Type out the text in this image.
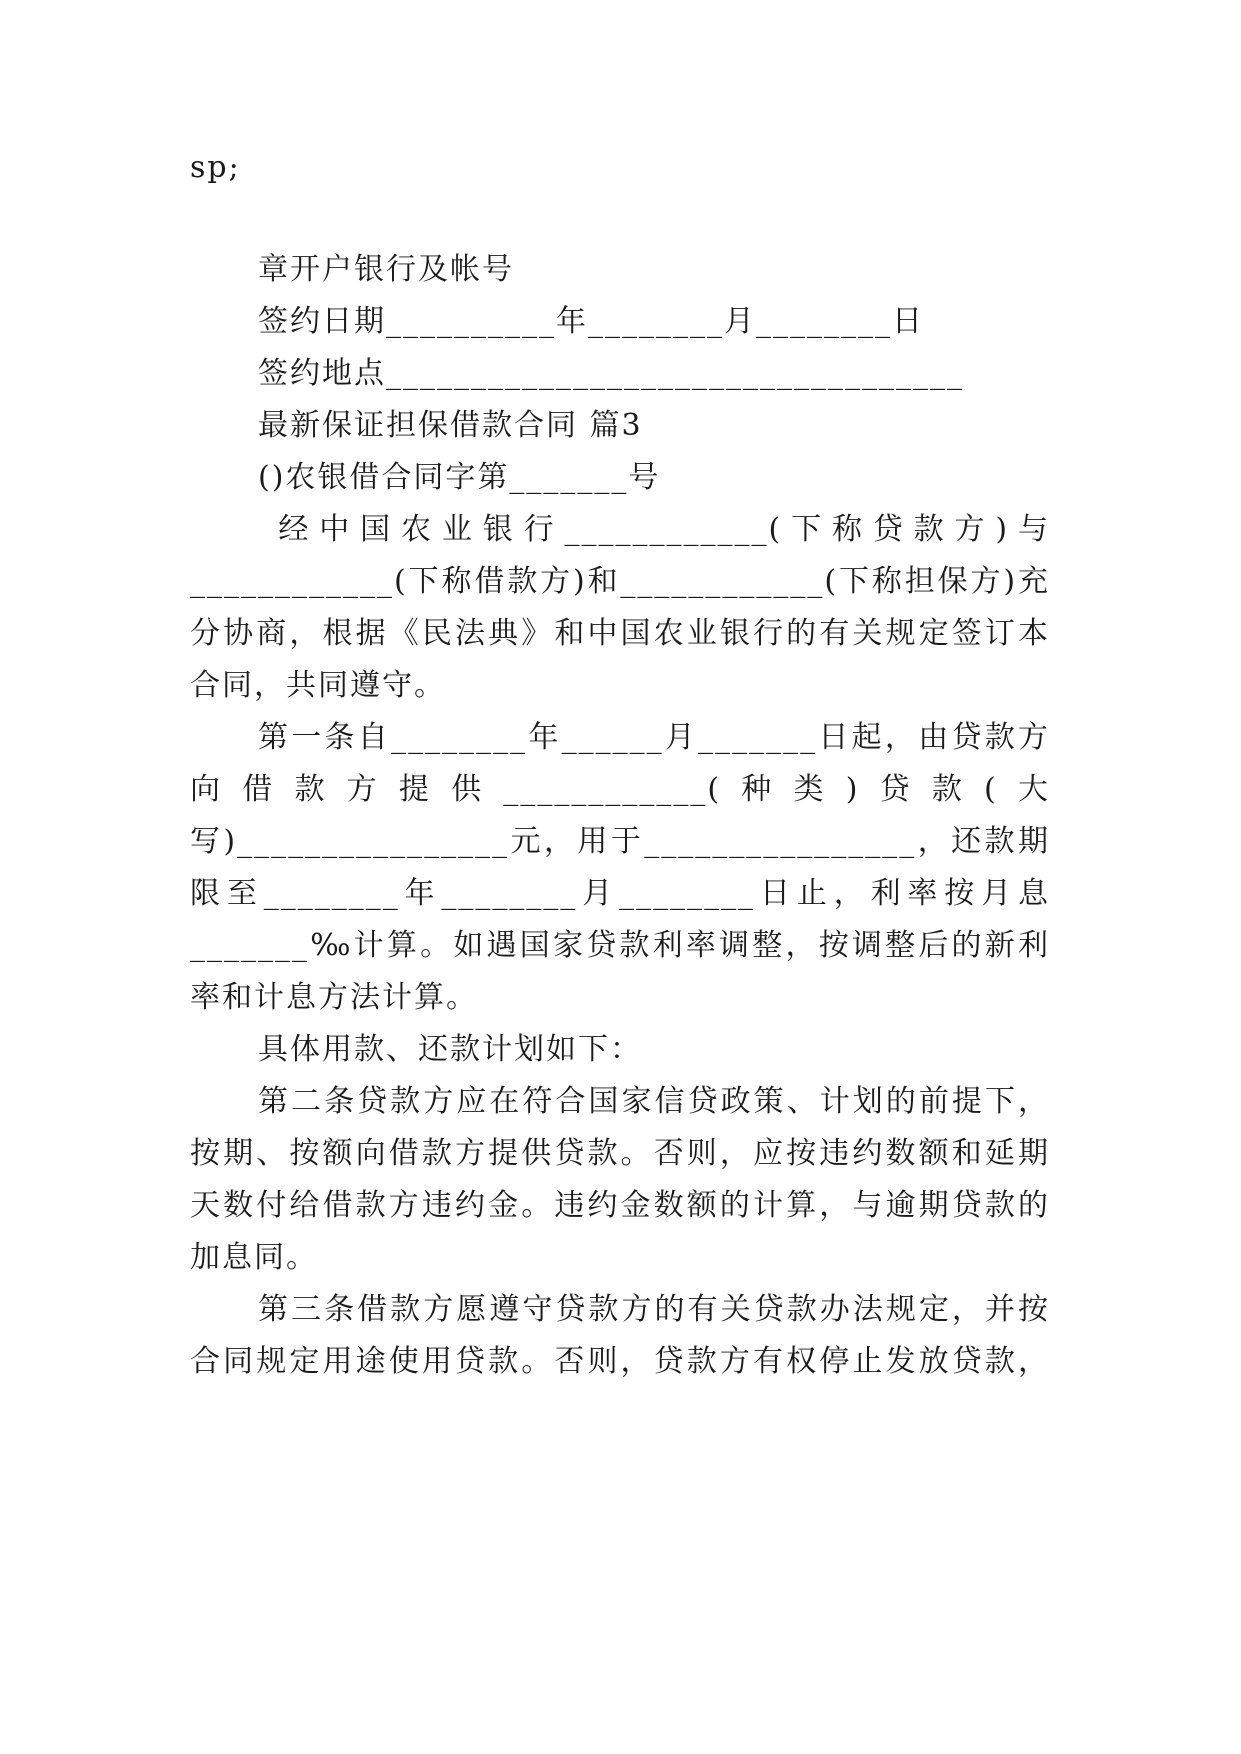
sp;
章开户银行及帐号
签约日期__________年________月________日
签约地点__________________________________
最新保证担保借款合同 篇3
()农银借合同字第_______号
经中国农业银行____________(下称贷款方)与
____________(下称借款方)和____________(下称担保方)充
分协商，根据《民法典》和中国农业银行的有关规定签订本
合同，共同遵守。
第一条自________年______月_______日起，由贷款方
向借款方提供____________(种类)贷款(大
写)________________元，用于________________，还款期
限至________年________月________日止，利率按月息
_______‰计算。如遇国家贷款利率调整，按调整后的新利
率和计息方法计算。
具体用款、还款计划如下：
第二条贷款方应在符合国家信贷政策、计划的前提下，
按期、按额向借款方提供贷款。否则，应按违约数额和延期
天数付给借款方违约金。违约金数额的计算，与逾期贷款的
加息同。
第三条借款方愿遵守贷款方的有关贷款办法规定，并按
合同规定用途使用贷款。否则，贷款方有权停止发放贷款，
